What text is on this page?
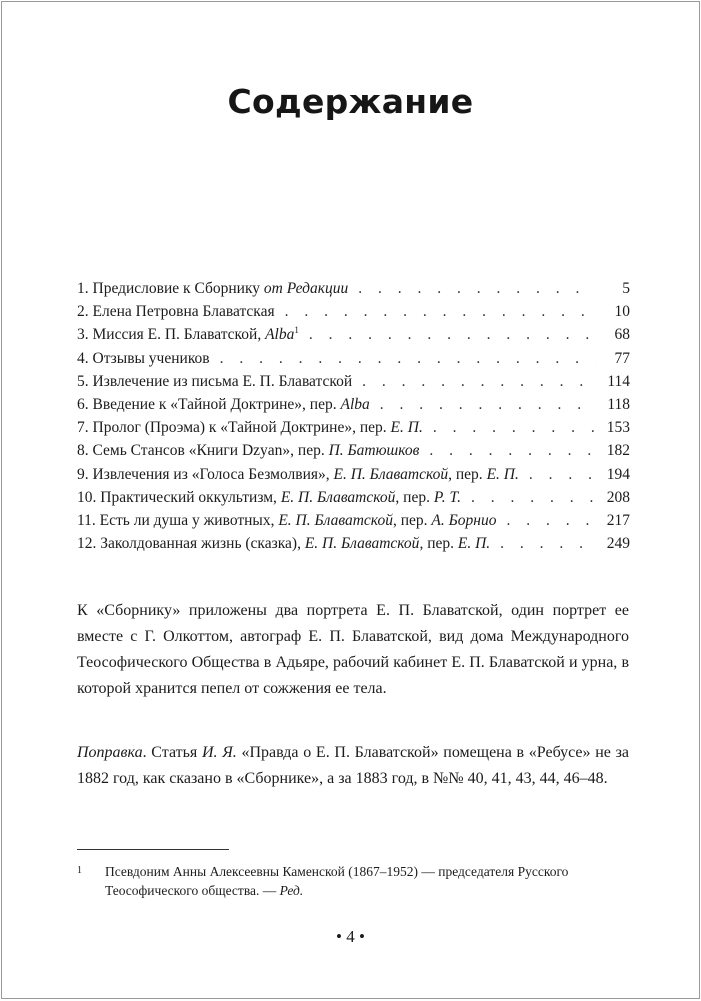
Содержание
1. Предисловие к Сборнику от Редакции . . .	5
2. Елена Петровна Блаватская . . .	10
3. Миссия Е. П. Блаватской, Alba$^1$ . . .	68
4. Отзывы учеников . . .	77
5. Извлечение из письма Е. П. Блаватской . . .	114
6. Введение к «Тайной Доктрине», пер. Alba . . .	118
7. Пролог (Проэма) к «Тайной Доктрине», пер. Е. П. . . .	153
8. Семь Стансов «Книги Dzyan», пер. П. Батюшков . . .	182
9. Извлечения из «Голоса Безмолвия», Е. П. Блаватской, пер. Е. П. . . .	194
10. Практический оккультизм, Е. П. Блаватской, пер. Р. Т. . . .	208
11. Есть ли душа у животных, Е. П. Блаватской, пер. А. Борнио . . .	217
12. Заколдованная жизнь (сказка), Е. П. Блаватской, пер. Е. П. . . .	249
К «Сборнику» приложены два портрета Е. П. Блаватской, один портрет ее вместе с Г. Олкоттом, автограф Е. П. Блаватской, вид дома Международного Теософического Общества в Адьяре, рабочий кабинет Е. П. Блаватской и урна, в которой хранится пепел от сожжения ее тела.
Поправка. Статья И. Я. «Правда о Е. П. Блаватской» помещена в «Ребусе» не за 1882 год, как сказано в «Сборнике», а за 1883 год, в №№ 40, 41, 43, 44, 46–48.
1 Псевдоним Анны Алексеевны Каменской (1867–1952) — председателя Русского Теософического общества. — Ред.
• 4 •
